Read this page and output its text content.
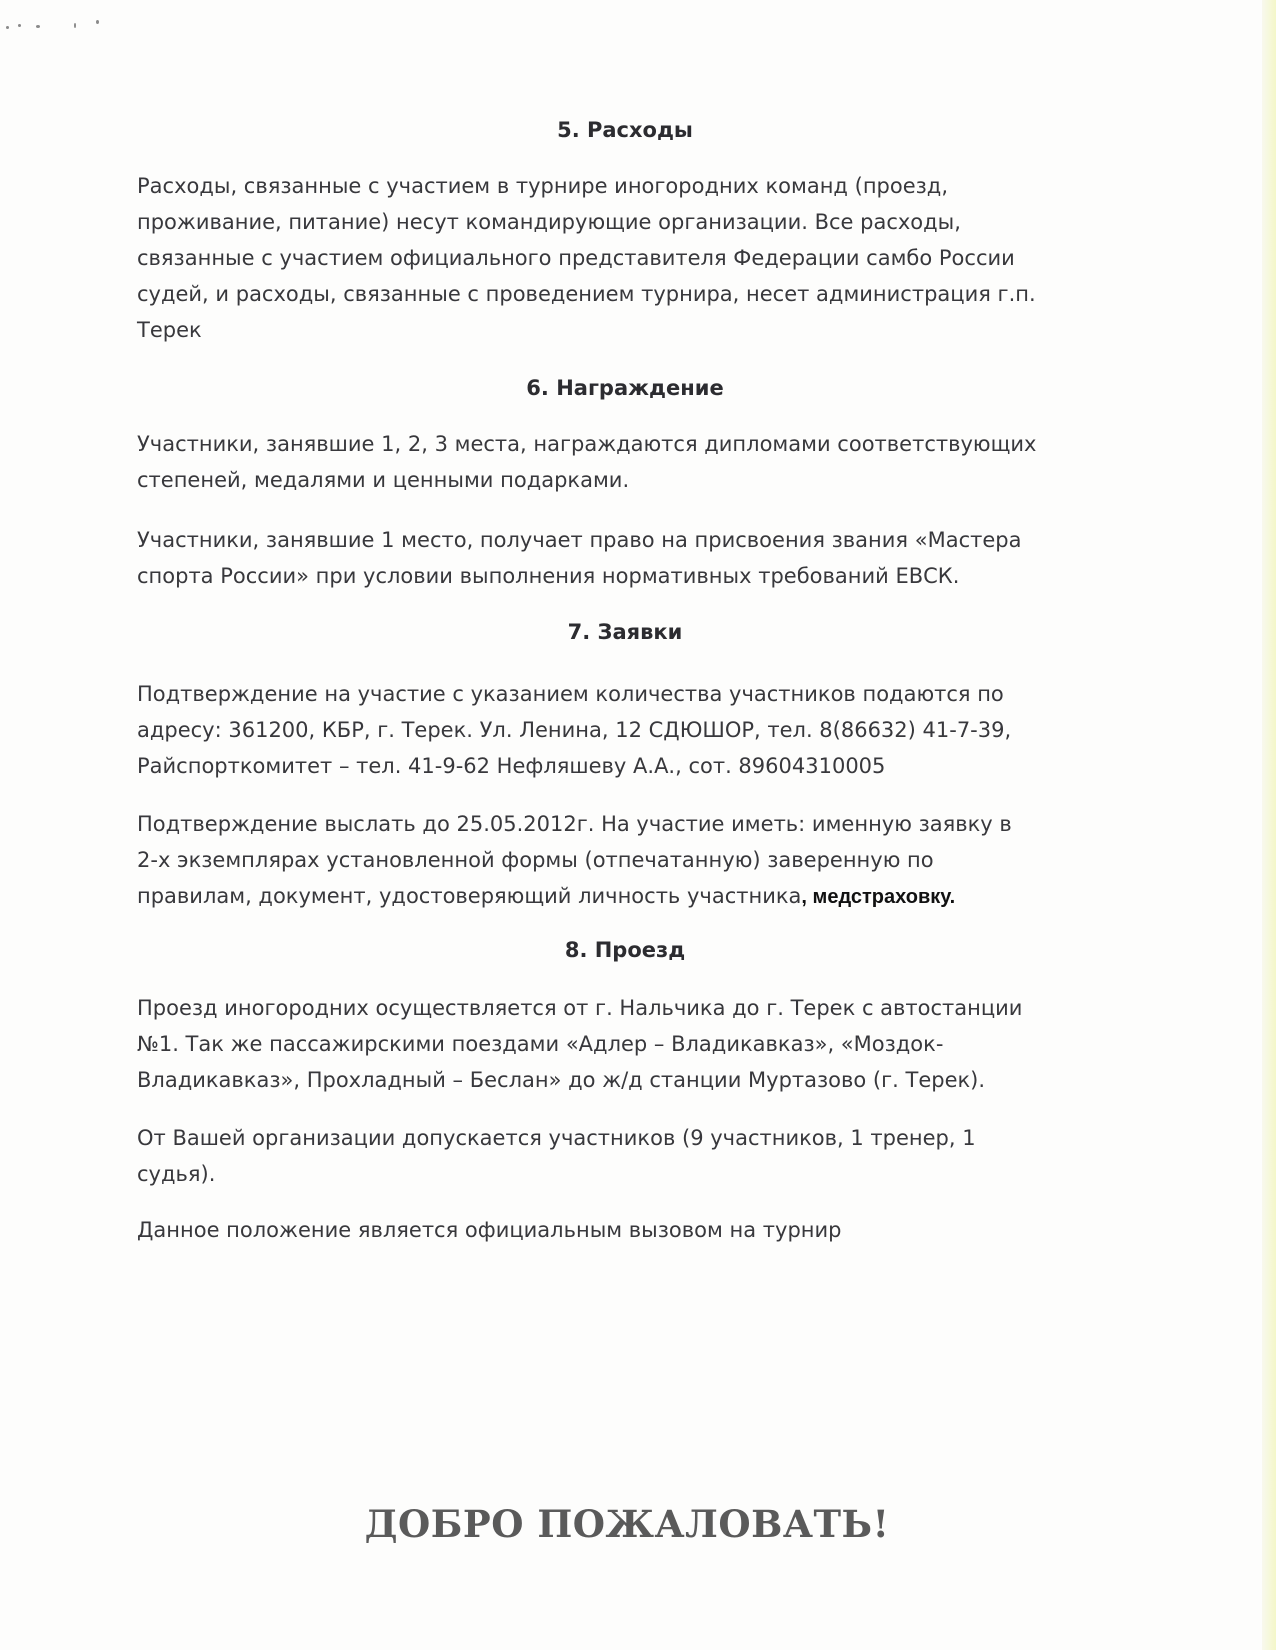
5. Расходы
Расходы, связанные с участием в турнире иногородних команд (проезд,
проживание, питание) несут командирующие организации. Все расходы,
связанные с участием официального представителя Федерации самбо России
судей, и расходы, связанные с проведением турнира, несет администрация г.п.
Терек
6. Награждение
Участники, занявшие 1, 2, 3 места, награждаются дипломами соответствующих
степеней, медалями и ценными подарками.
Участники, занявшие 1 место, получает право на присвоения звания «Мастера
спорта России» при условии выполнения нормативных требований ЕВСК.
7. Заявки
Подтверждение на участие с указанием количества участников подаются по
адресу: 361200, КБР, г. Терек. Ул. Ленина, 12 СДЮШОР, тел. 8(86632) 41-7-39,
Райспорткомитет – тел. 41-9-62 Нефляшеву А.А., сот. 89604310005
Подтверждение выслать до 25.05.2012г. На участие иметь: именную заявку в
2-х экземплярах установленной формы (отпечатанную) заверенную по
правилам, документ, удостоверяющий личность участника, медстраховку.
8. Проезд
Проезд иногородних осуществляется от г. Нальчика до г. Терек с автостанции
№1. Так же пассажирскими поездами «Адлер – Владикавказ», «Моздок-
Владикавказ», Прохладный – Беслан» до ж/д станции Муртазово (г. Терек).
От Вашей организации допускается участников (9 участников, 1 тренер, 1
судья).
Данное положение является официальным вызовом на турнир
ДОБРО ПОЖАЛОВАТЬ!
